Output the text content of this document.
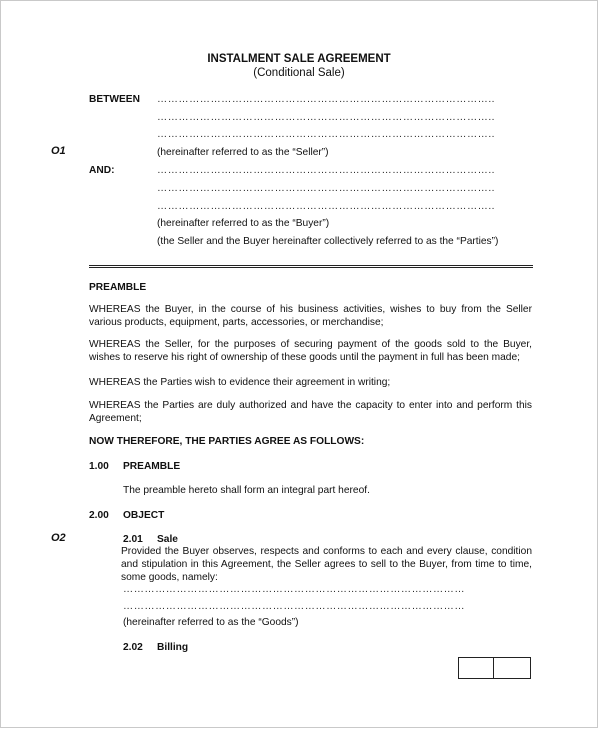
INSTALMENT SALE AGREEMENT
(Conditional Sale)
BETWEEN …………………………………………………………………………………..
…………………………………………………………………………………..
…………………………………………………………………………………..
O1	(hereinafter referred to as the “Seller”)
AND:	…………………………………………………………………………………..
…………………………………………………………………………………..
…………………………………………………………………………………..
(hereinafter referred to as the “Buyer”)
(the Seller and the Buyer hereinafter collectively referred to as the “Parties”)
PREAMBLE
WHEREAS the Buyer, in the course of his business activities, wishes to buy from the Seller various products, equipment, parts, accessories, or merchandise;
WHEREAS the Seller, for the purposes of securing payment of the goods sold to the Buyer, wishes to reserve his right of ownership of these goods until the payment in full has been made;
WHEREAS the Parties wish to evidence their agreement in writing;
WHEREAS the Parties are duly authorized and have the capacity to enter into and perform this Agreement;
NOW THEREFORE, THE PARTIES AGREE AS FOLLOWS:
1.00 PREAMBLE
The preamble hereto shall form an integral part hereof.
2.00 OBJECT
O2	2.01 Sale
Provided the Buyer observes, respects and conforms to each and every clause, condition and stipulation in this Agreement, the Seller agrees to sell to the Buyer, from time to time, some goods, namely:
……………………………………………………………………………………
……………………………………………………………………………………
(hereinafter referred to as the “Goods”)
2.02 Billing
